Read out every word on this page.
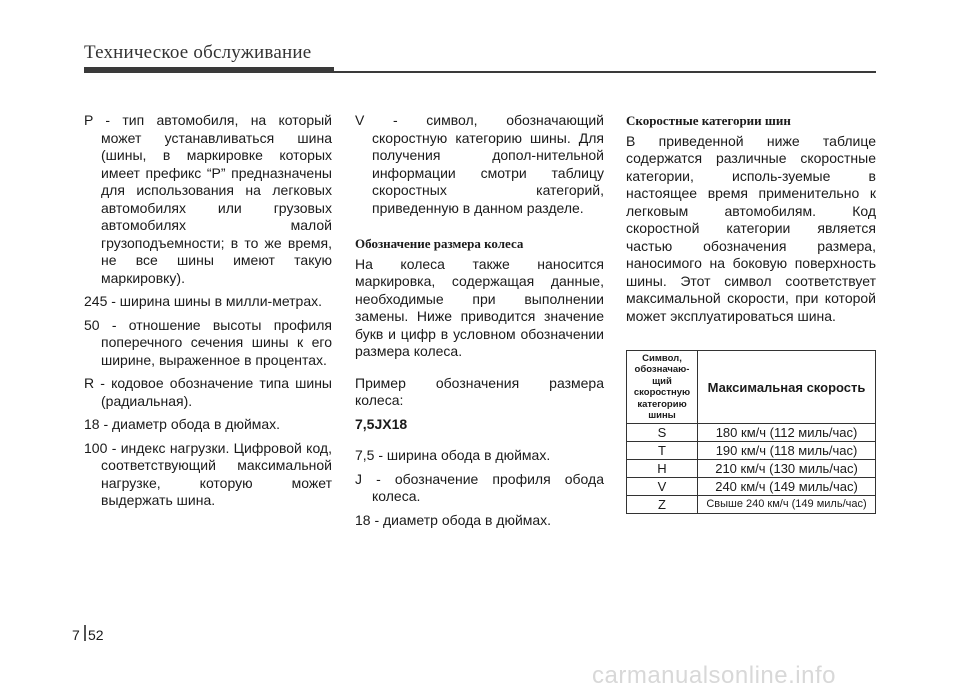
Техническое обслуживание
P - тип автомобиля, на который может устанавливаться шина (шины, в маркировке которых имеет префикс “P” предназначены для использования на легковых автомобилях или грузовых автомобилях малой грузоподъемности; в то же время, не все шины имеют такую маркировку).
245 - ширина шины в милли-метрах.
50 - отношение высоты профиля поперечного сечения шины к его ширине, выраженное в процентах.
R - кодовое обозначение типа шины (радиальная).
18 - диаметр обода в дюймах.
100 - индекс нагрузки. Цифровой код, соответствующий максимальной нагрузке, которую может выдержать шина.
V - символ, обозначающий скоростную категорию шины. Для получения допол-нительной информации смотри таблицу скоростных категорий, приведенную в данном разделе.
Обозначение размера колеса
На колеса также наносится маркировка, содержащая данные, необходимые при выполнении замены. Ниже приводится значение букв и цифр в условном обозначении размера колеса.
Пример обозначения размера колеса:
7,5JX18
7,5 - ширина обода в дюймах.
J - обозначение профиля обода колеса.
18 - диаметр обода в дюймах.
Скоростные категории шин
В приведенной ниже таблице содержатся различные скоростные категории, исполь-зуемые в настоящее время применительно к легковым автомобилям. Код скоростной категории является частью обозначения размера, наносимого на боковую поверхность шины. Этот символ соответствует максимальной скорости, при которой может эксплуатироваться шина.
Символ, обозначаю-щий скоростную категорию шины	Максимальная скорость
S	180 км/ч (112 миль/час)
T	190 км/ч (118 миль/час)
H	210 км/ч (130 миль/час)
V	240 км/ч (149 миль/час)
Z	Свыше 240 км/ч (149 миль/час)
7 52
carmanualsonline.info
